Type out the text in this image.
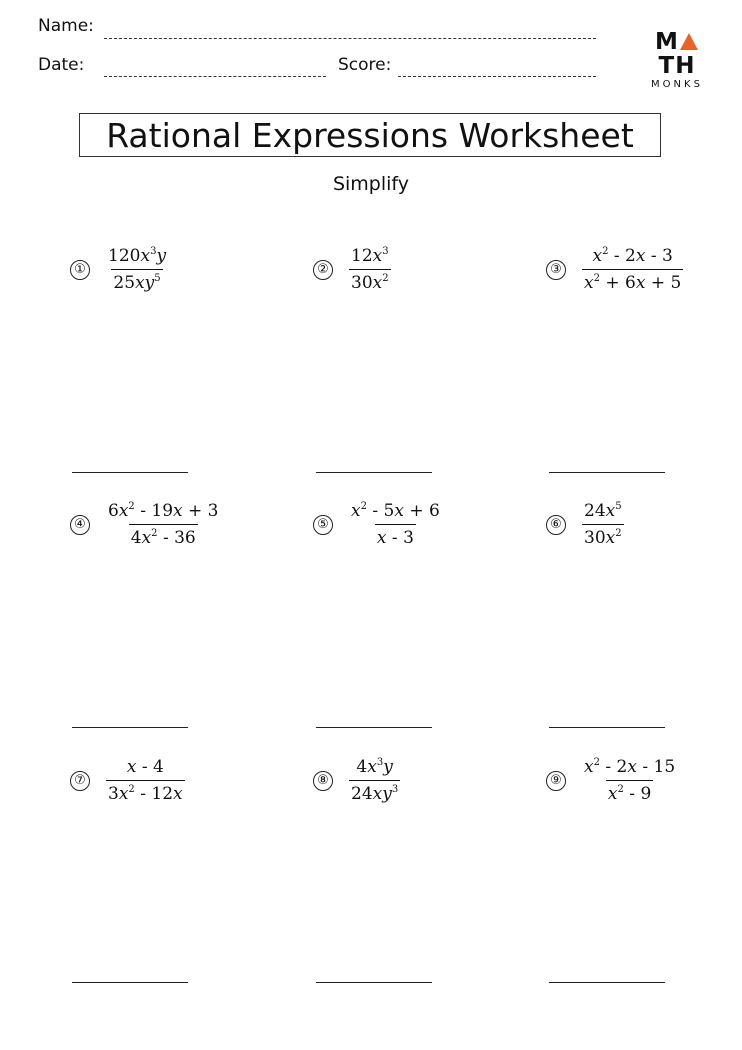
Name:
Date:	Score:
MTH
MONKS
Rational Expressions Worksheet
Simplify
① $\frac{120x^3y}{25xy^5}$	② $\frac{12x^3}{30x^2}$	③ $\frac{x^2 - 2x - 3}{x^2 + 6x + 5}$
④ $\frac{6x^2 - 19x + 3}{4x^2 - 36}$	⑤ $\frac{x^2 - 5x + 6}{x - 3}$	⑥ $\frac{24x^5}{30x^2}$
⑦ $\frac{x - 4}{3x^2 - 12x}$	⑧ $\frac{4x^3y}{24xy^3}$	⑨ $\frac{x^2 - 2x - 15}{x^2 - 9}$
